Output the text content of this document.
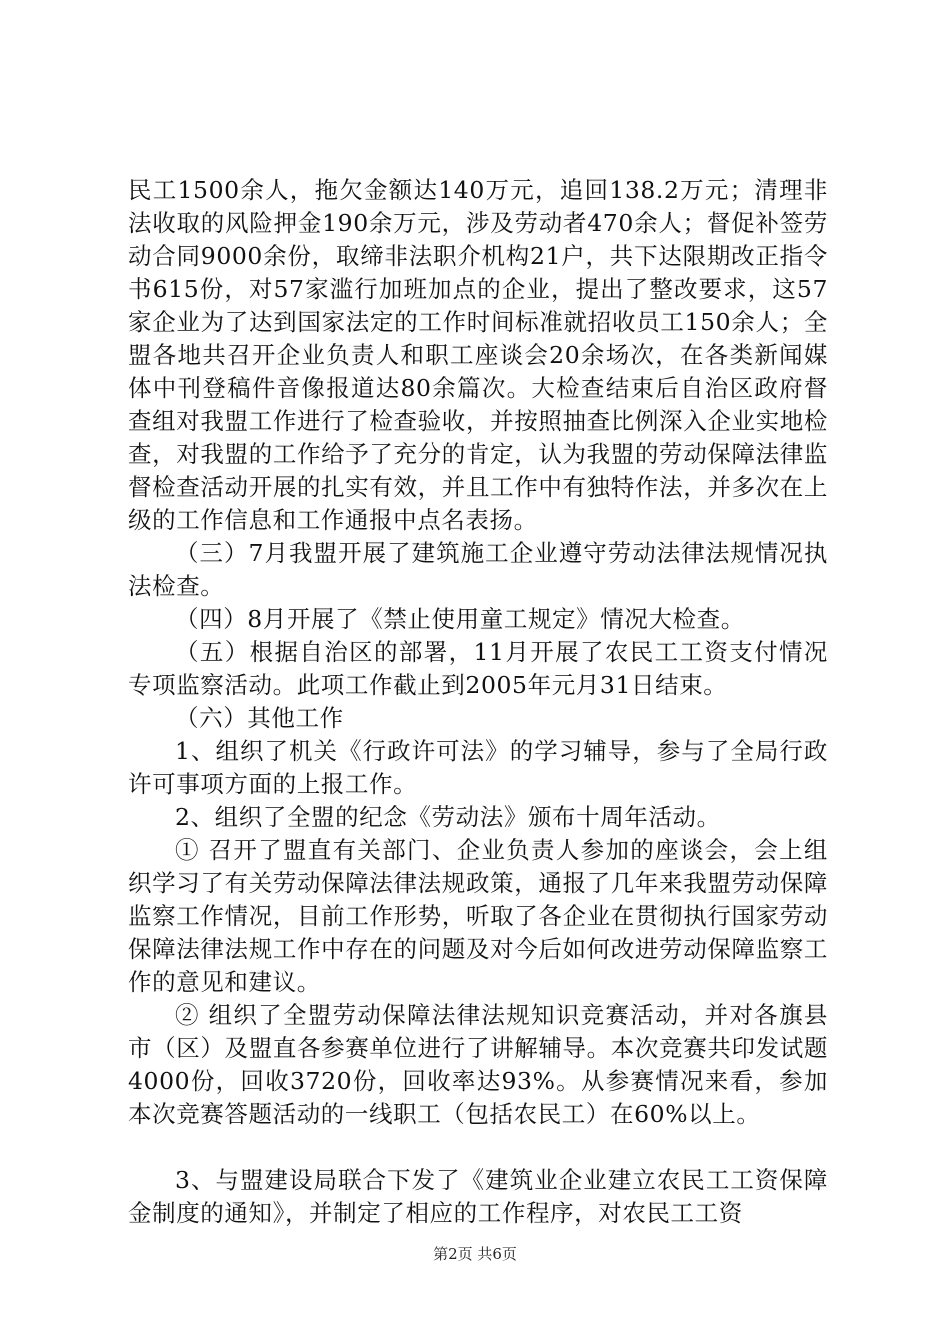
民工1500余人，拖欠金额达140万元，追回138.2万元；清理非法收取的风险押金190余万元，涉及劳动者470余人；督促补签劳动合同9000余份，取缔非法职介机构21户，共下达限期改正指令书615份，对57家滥行加班加点的企业，提出了整改要求，这57家企业为了达到国家法定的工作时间标准就招收员工150余人；全盟各地共召开企业负责人和职工座谈会20余场次，在各类新闻媒体中刊登稿件音像报道达80余篇次。大检查结束后自治区政府督查组对我盟工作进行了检查验收，并按照抽查比例深入企业实地检查，对我盟的工作给予了充分的肯定，认为我盟的劳动保障法律监督检查活动开展的扎实有效，并且工作中有独特作法，并多次在上级的工作信息和工作通报中点名表扬。

（三）7月我盟开展了建筑施工企业遵守劳动法律法规情况执法检查。

（四）8月开展了《禁止使用童工规定》情况大检查。

（五）根据自治区的部署，11月开展了农民工工资支付情况专项监察活动。此项工作截止到2005年元月31日结束。

（六）其他工作

1、组织了机关《行政许可法》的学习辅导，参与了全局行政许可事项方面的上报工作。

2、组织了全盟的纪念《劳动法》颁布十周年活动。

① 召开了盟直有关部门、企业负责人参加的座谈会，会上组织学习了有关劳动保障法律法规政策，通报了几年来我盟劳动保障监察工作情况，目前工作形势，听取了各企业在贯彻执行国家劳动保障法律法规工作中存在的问题及对今后如何改进劳动保障监察工作的意见和建议。

② 组织了全盟劳动保障法律法规知识竞赛活动，并对各旗县市（区）及盟直各参赛单位进行了讲解辅导。本次竞赛共印发试题4000份，回收3720份，回收率达93%。从参赛情况来看，参加本次竞赛答题活动的一线职工（包括农民工）在60%以上。

3、与盟建设局联合下发了《建筑业企业建立农民工工资保障金制度的通知》，并制定了相应的工作程序，对农民工工资

第2页 共6页
